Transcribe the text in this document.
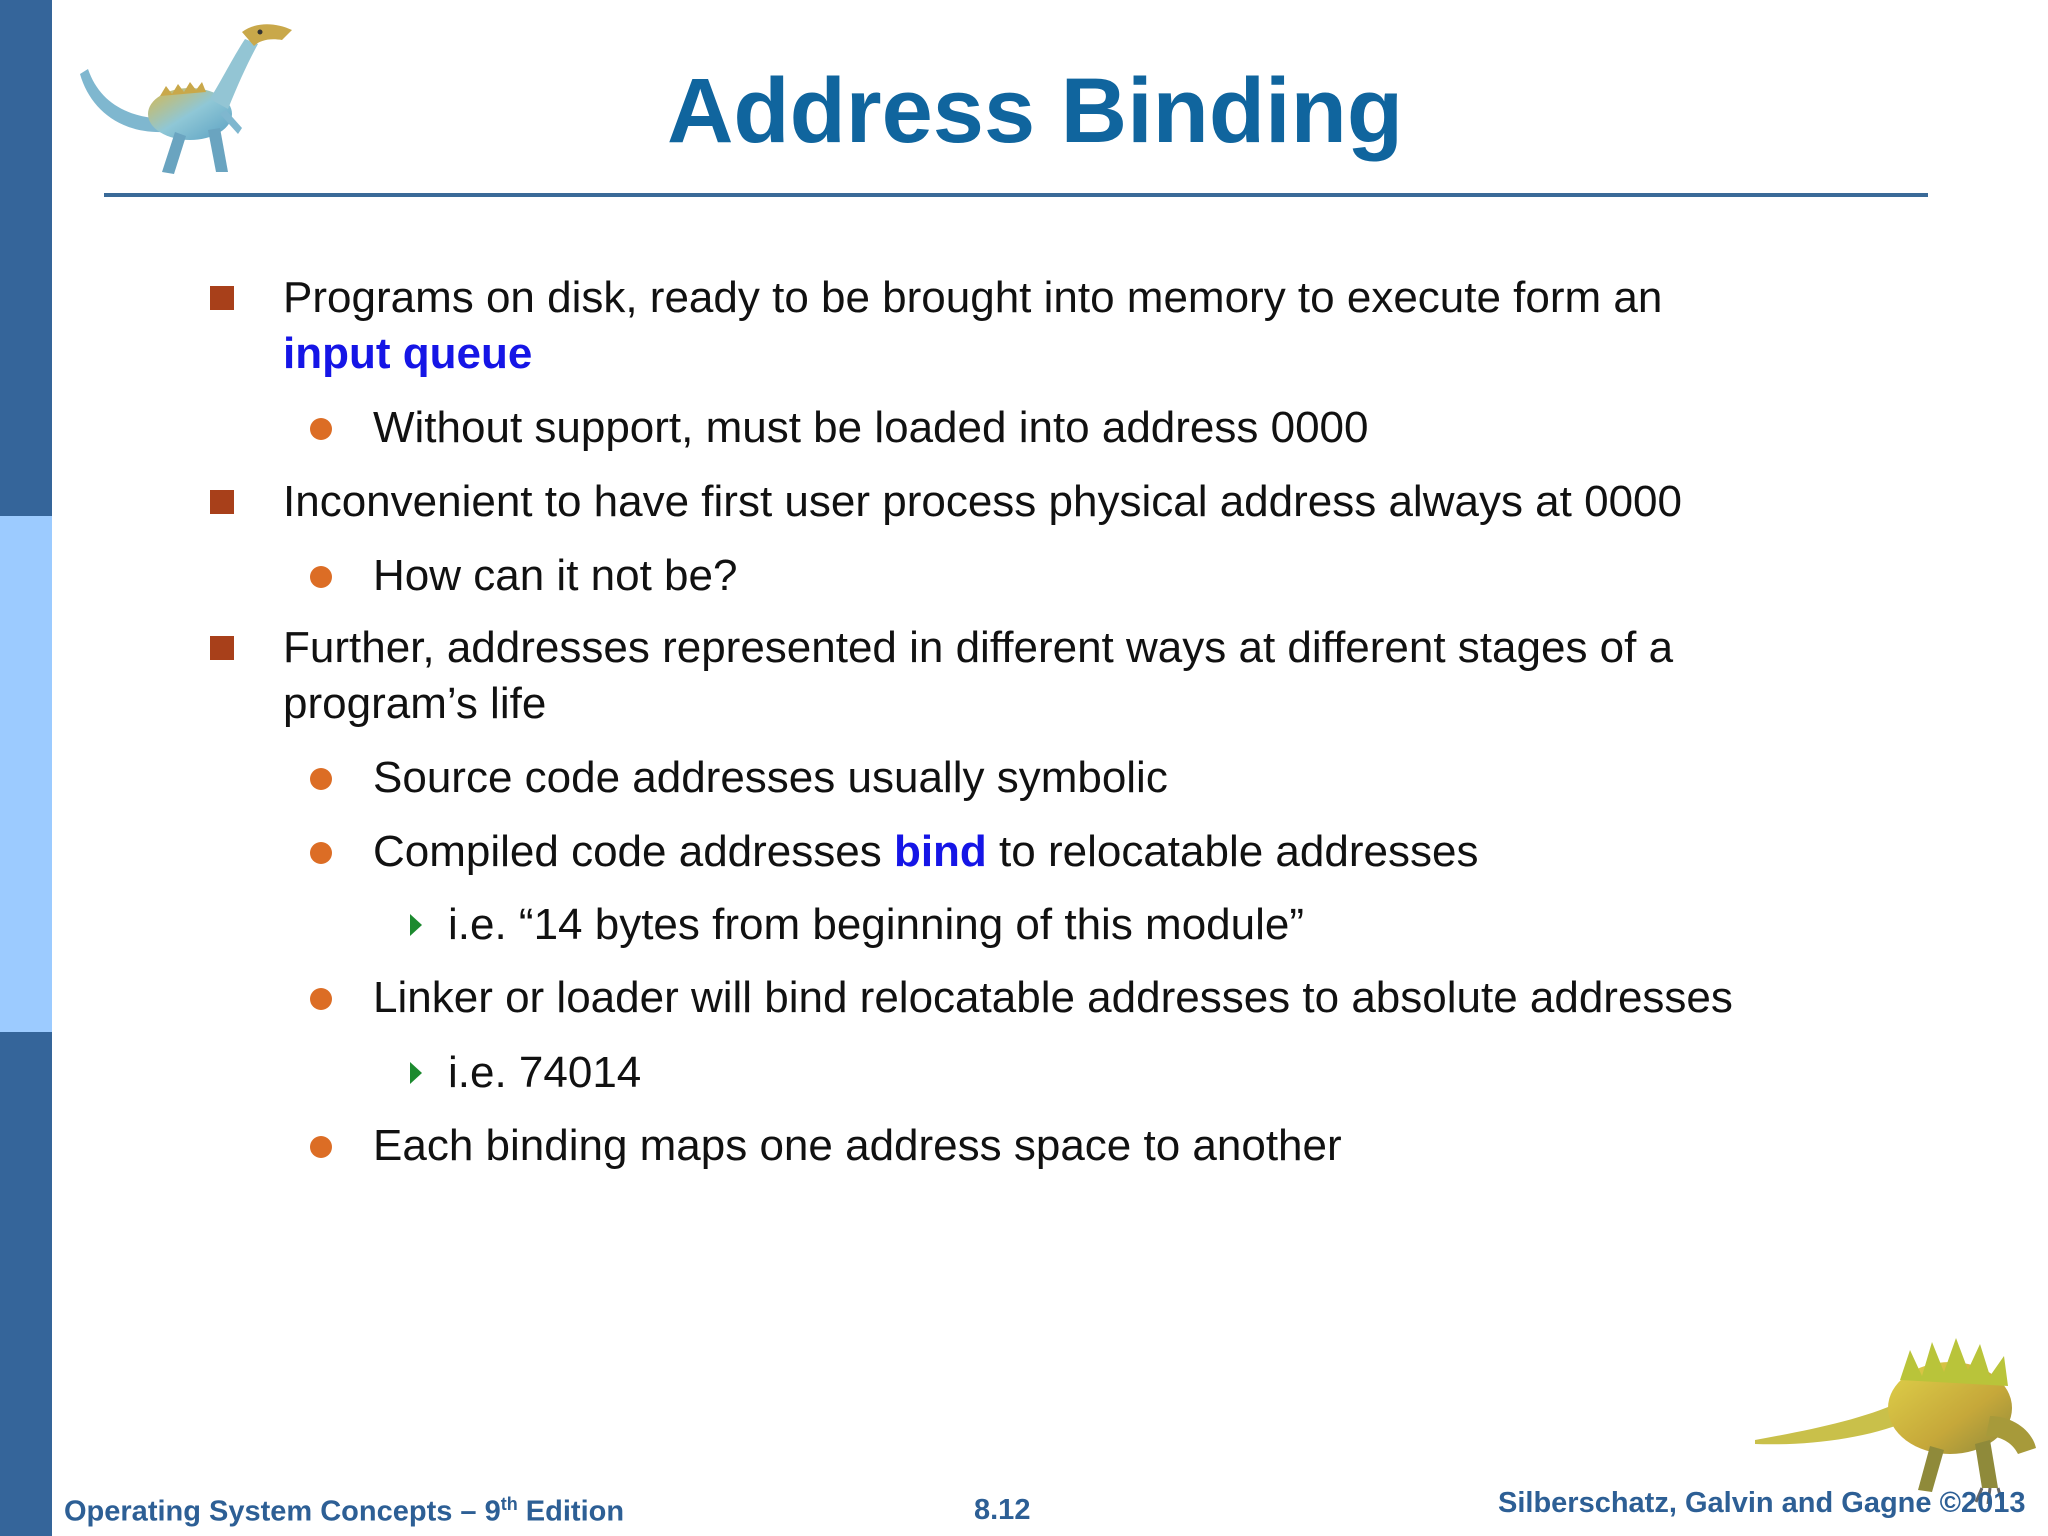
Address Binding
Programs on disk, ready to be brought into memory to execute form an
input queue
Without support, must be loaded into address 0000
Inconvenient to have first user process physical address always at 0000
How can it not be?
Further, addresses represented in different ways at different stages of a
program’s life
Source code addresses usually symbolic
Compiled code addresses bind to relocatable addresses
i.e. “14 bytes from beginning of this module”
Linker or loader will bind relocatable addresses to absolute addresses
i.e. 74014
Each binding maps one address space to another
Operating System Concepts – 9th Edition	8.12	Silberschatz, Galvin and Gagne ©2013
